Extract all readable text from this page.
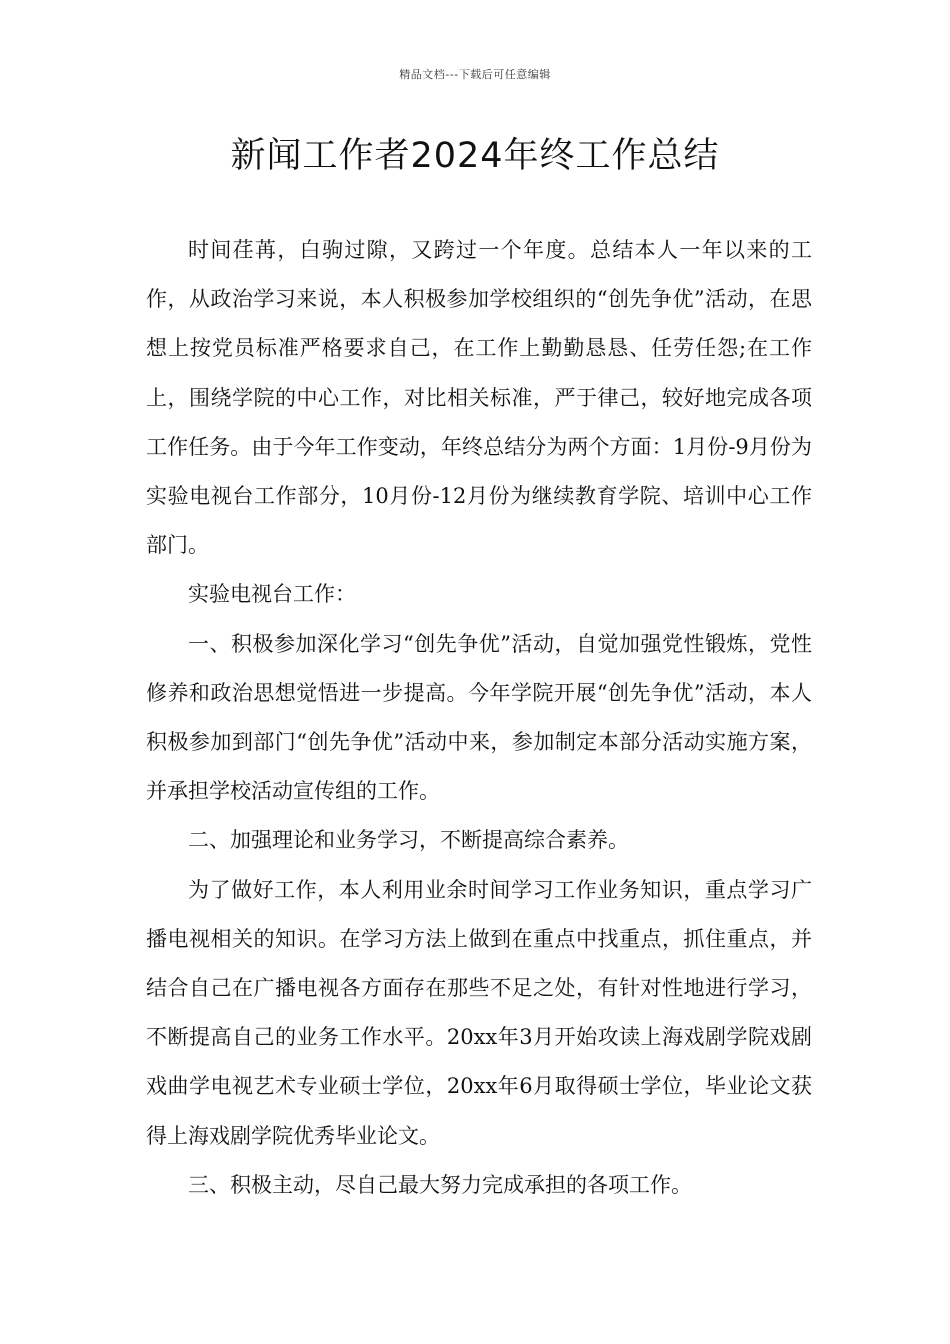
精品文档---下载后可任意编辑
新闻工作者2024年终工作总结

时间荏苒，白驹过隙，又跨过一个年度。总结本人一年以来的工作，从政治学习来说，本人积极参加学校组织的“创先争优”活动，在思想上按党员标准严格要求自己，在工作上勤勤恳恳、任劳任怨;在工作上，围绕学院的中心工作，对比相关标准，严于律己，较好地完成各项工作任务。由于今年工作变动，年终总结分为两个方面：1月份-9月份为实验电视台工作部分，10月份-12月份为继续教育学院、培训中心工作部门。

实验电视台工作：

一、积极参加深化学习“创先争优”活动，自觉加强党性锻炼，党性修养和政治思想觉悟进一步提高。今年学院开展“创先争优”活动，本人积极参加到部门“创先争优”活动中来，参加制定本部分活动实施方案，并承担学校活动宣传组的工作。

二、加强理论和业务学习，不断提高综合素养。

为了做好工作，本人利用业余时间学习工作业务知识，重点学习广播电视相关的知识。在学习方法上做到在重点中找重点，抓住重点，并结合自己在广播电视各方面存在那些不足之处，有针对性地进行学习，不断提高自己的业务工作水平。20xx年3月开始攻读上海戏剧学院戏剧戏曲学电视艺术专业硕士学位，20xx年6月取得硕士学位，毕业论文获得上海戏剧学院优秀毕业论文。

三、积极主动，尽自己最大努力完成承担的各项工作。
